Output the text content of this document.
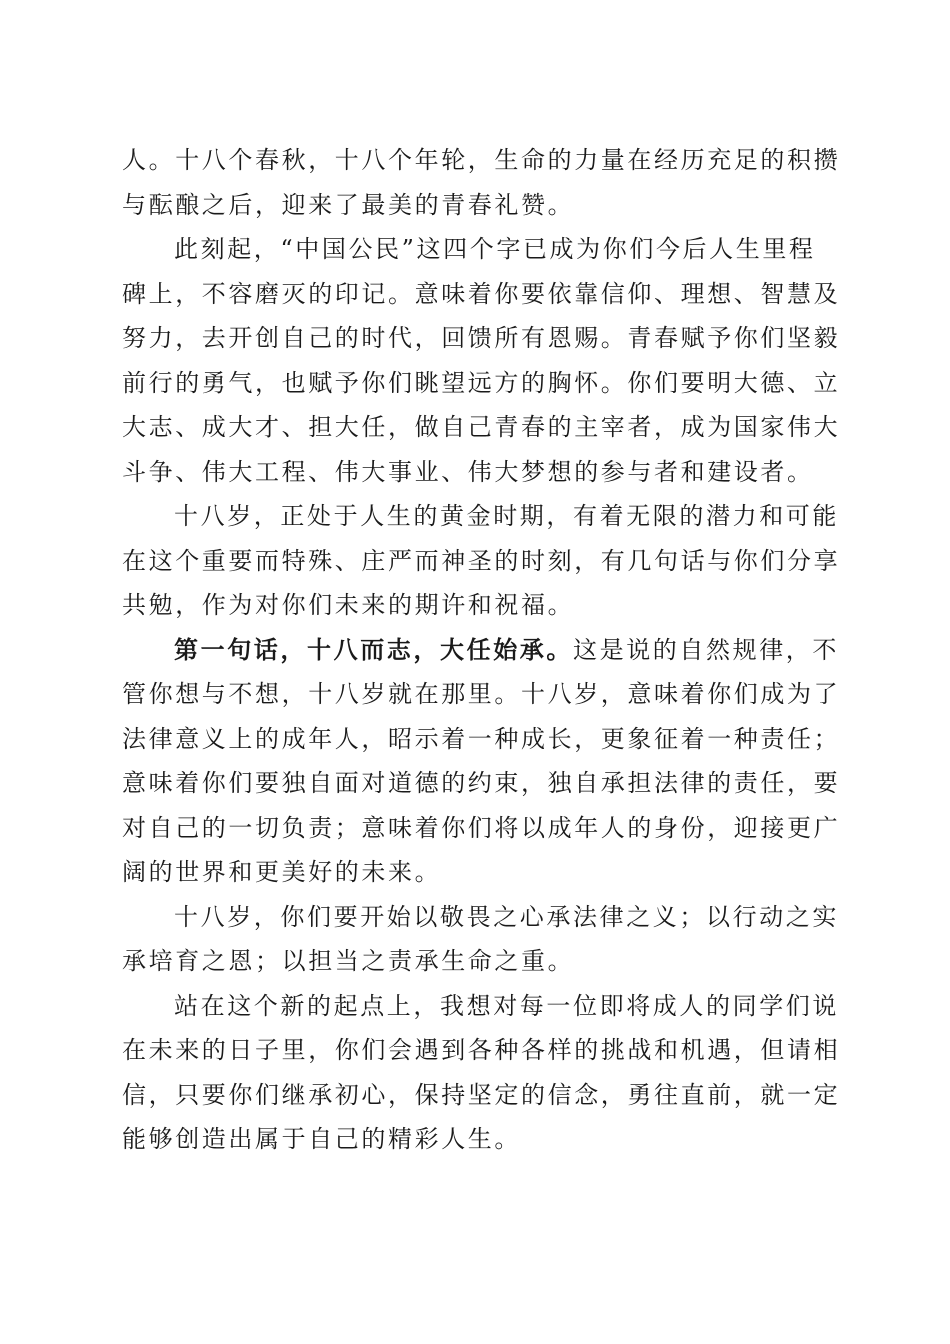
人。十八个春秋，十八个年轮，生命的力量在经历充足的积攒
与酝酿之后，迎来了最美的青春礼赞。
此刻起，“中国公民”这四个字已成为你们今后人生里程
碑上，不容磨灭的印记。意味着你要依靠信仰、理想、智慧及
努力，去开创自己的时代，回馈所有恩赐。青春赋予你们坚毅
前行的勇气，也赋予你们眺望远方的胸怀。你们要明大德、立
大志、成大才、担大任，做自己青春的主宰者，成为国家伟大
斗争、伟大工程、伟大事业、伟大梦想的参与者和建设者。
十八岁，正处于人生的黄金时期，有着无限的潜力和可能
在这个重要而特殊、庄严而神圣的时刻，有几句话与你们分享
共勉，作为对你们未来的期许和祝福。
第一句话，十八而志，大任始承。这是说的自然规律，不
管你想与不想，十八岁就在那里。十八岁，意味着你们成为了
法律意义上的成年人，昭示着一种成长，更象征着一种责任；
意味着你们要独自面对道德的约束，独自承担法律的责任，要
对自己的一切负责；意味着你们将以成年人的身份，迎接更广
阔的世界和更美好的未来。
十八岁，你们要开始以敬畏之心承法律之义；以行动之实
承培育之恩；以担当之责承生命之重。
站在这个新的起点上，我想对每一位即将成人的同学们说
在未来的日子里，你们会遇到各种各样的挑战和机遇，但请相
信，只要你们继承初心，保持坚定的信念，勇往直前，就一定
能够创造出属于自己的精彩人生。
